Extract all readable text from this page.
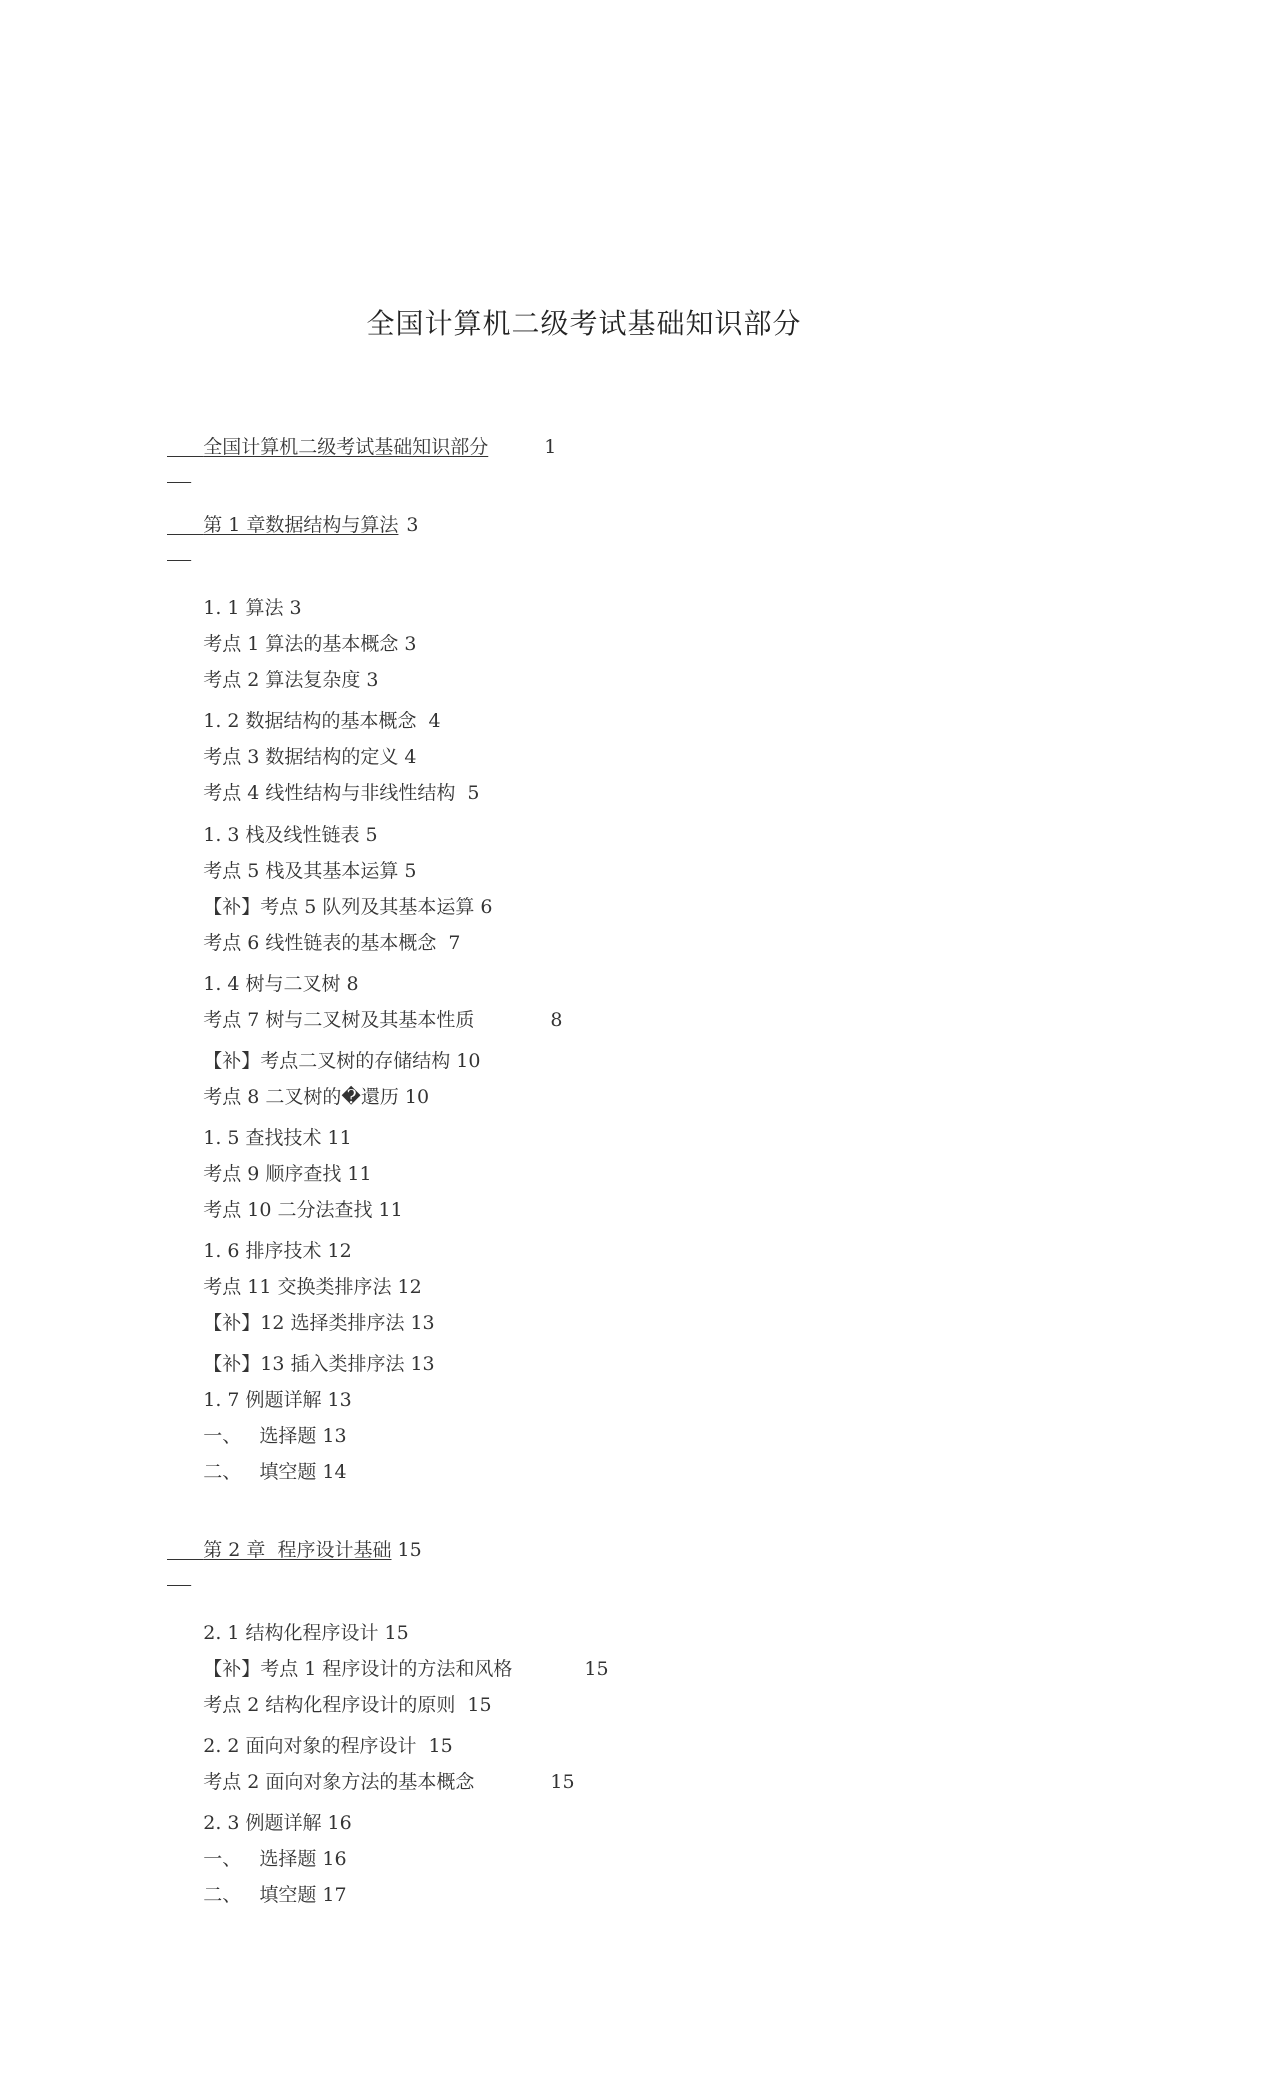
全国计算机二级考试基础知识部分

全国计算机二级考试基础知识部分	1

第 1 章数据结构与算法 3

1. 1 算法 3

考点 1 算法的基本概念 3

考点 2 算法复杂度 3

1. 2 数据结构的基本概念 4

考点 3 数据结构的定义 4

考点 4 线性结构与非线性结构 5

1. 3 栈及线性链表 5

考点 5 栈及其基本运算 5

【补】考点 5 队列及其基本运算 6

考点 6 线性链表的基本概念 7

1. 4 树与二叉树 8

考点 7 树与二叉树及其基本性质	8

【补】考点二叉树的存储结构 10

考点 8 二叉树的�還历 10

1. 5 查找技术 11

考点 9 顺序查找 11

考点 10 二分法查找 11

1. 6 排序技术 12

考点 11 交换类排序法 12

【补】12 选择类排序法 13

【补】13 插入类排序法 13

1. 7 例题详解 13

一、   选择题 13

二、   填空题 14

第 2 章  程序设计基础 15

2. 1 结构化程序设计 15

【补】考点 1 程序设计的方法和风格	15

考点 2 结构化程序设计的原则 15

2. 2 面向对象的程序设计 15

考点 2 面向对象方法的基本概念	15

2. 3 例题详解 16

一、   选择题 16

二、   填空题 17
